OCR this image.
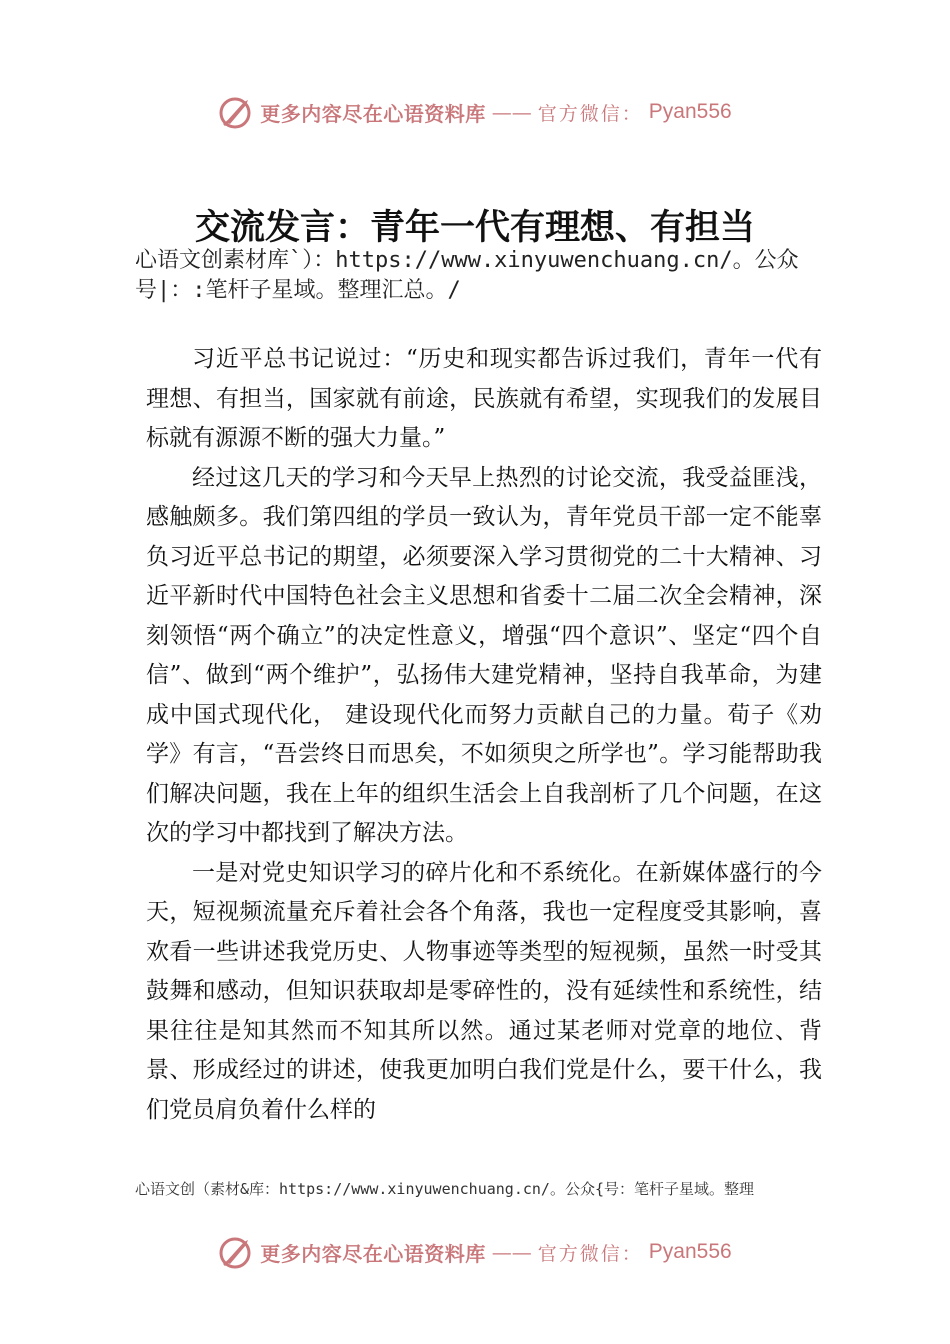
更多内容尽在心语资料库 —— 官方微信： Pyan556
交流发言：青年一代有理想、有担当
心语文创素材库`）：https://www.xinyuwenchuang.cn/。公众号|：:笔杆子星域。整理汇总。/

习近平总书记说过：“历史和现实都告诉过我们，青年一代有理想、有担当，国家就有前途，民族就有希望，实现我们的发展目标就有源源不断的强大力量。”

经过这几天的学习和今天早上热烈的讨论交流，我受益匪浅，感触颇多。我们第四组的学员一致认为，青年党员干部一定不能辜负习近平总书记的期望，必须要深入学习贯彻党的二十大精神、习近平新时代中国特色社会主义思想和省委十二届二次全会精神，深刻领悟“两个确立”的决定性意义，增强“四个意识”、坚定“四个自信”、做到“两个维护”，弘扬伟大建党精神，坚持自我革命，为建成中国式现代化， 建设现代化而努力贡献自己的力量。荀子《劝学》有言，“吾尝终日而思矣，不如须臾之所学也”。学习能帮助我们解决问题，我在上年的组织生活会上自我剖析了几个问题，在这次的学习中都找到了解决方法。

一是对党史知识学习的碎片化和不系统化。在新媒体盛行的今天，短视频流量充斥着社会各个角落，我也一定程度受其影响，喜欢看一些讲述我党历史、人物事迹等类型的短视频，虽然一时受其鼓舞和感动，但知识获取却是零碎性的，没有延续性和系统性，结果往往是知其然而不知其所以然。通过某老师对党章的地位、背景、形成经过的讲述，使我更加明白我们党是什么，要干什么，我们党员肩负着什么样的

心语文创（素材&库：https://www.xinyuwenchuang.cn/。公众{号：笔杆子星域。整理
更多内容尽在心语资料库 —— 官方微信： Pyan556
